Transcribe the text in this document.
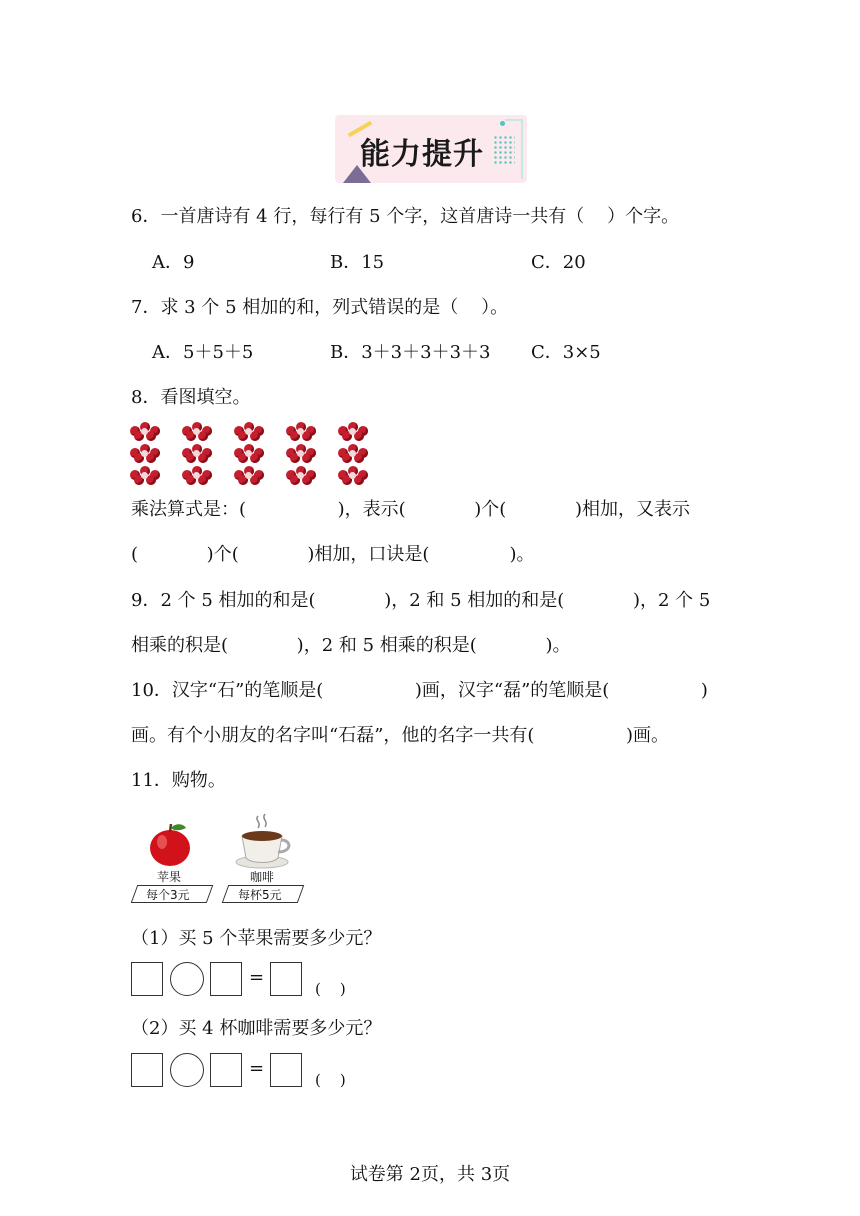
能力提升
6．一首唐诗有 4 行，每行有 5 个字，这首唐诗一共有（    ）个字。
A．9	B．15	C．20
7．求 3 个 5 相加的和，列式错误的是（    ）。
A．5＋5＋5	B．3＋3＋3＋3＋3 C．3×5
8．看图填空。
乘法算式是：(                )，表示(            )个(            )相加，又表示
(            )个(            )相加，口诀是(              )。
9．2 个 5 相加的和是(            )，2 和 5 相加的和是(            )，2 个 5
相乘的积是(            )，2 和 5 相乘的积是(            )。
10．汉字“石”的笔顺是(                )画，汉字“磊”的笔顺是(                )
画。有个小朋友的名字叫“石磊”，他的名字一共有(                )画。
11．购物。
苹果
每个3元
咖啡
每杯5元
（1）买 5 个苹果需要多少元？
=
(    )
（2）买 4 杯咖啡需要多少元？
=
(    )
试卷第 2页，共 3页
